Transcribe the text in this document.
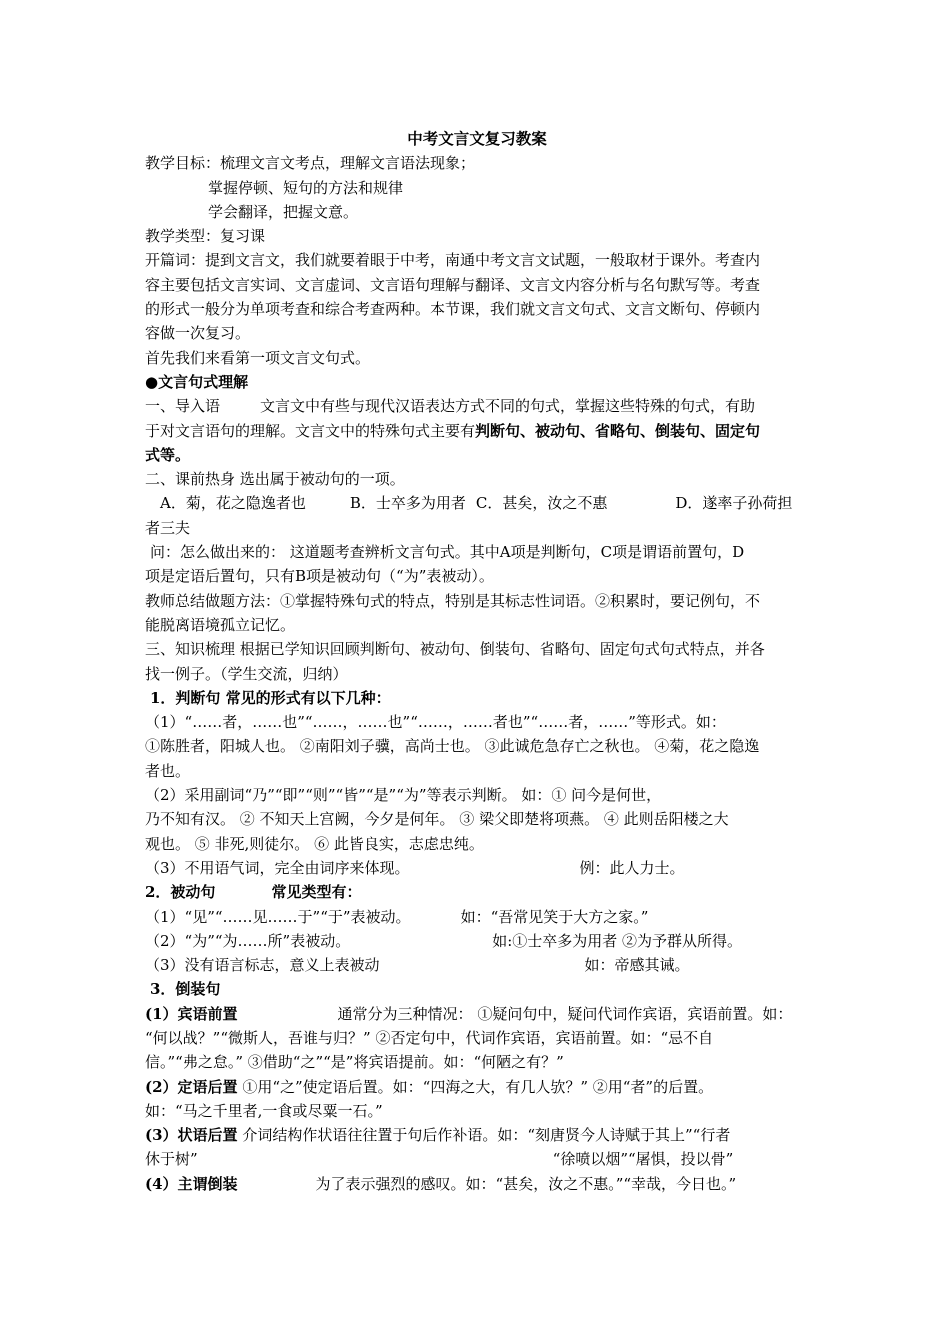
中考文言文复习教案
教学目标：梳理文言文考点，理解文言语法现象；
掌握停顿、短句的方法和规律
学会翻译，把握文意。
教学类型：复习课
开篇词：提到文言文，我们就要着眼于中考，南通中考文言文试题，一般取材于课外。考查内
容主要包括文言实词、文言虚词、文言语句理解与翻译、文言文内容分析与名句默写等。考查
的形式一般分为单项考查和综合考查两种。本节课，我们就文言文句式、文言文断句、停顿内
容做一次复习。
首先我们来看第一项文言文句式。
●文言句式理解
一、导入语	文言文中有些与现代汉语表达方式不同的句式，掌握这些特殊的句式，有助
于对文言语句的理解。文言文中的特殊句式主要有判断句、被动句、省略句、倒装句、固定句
式等。
二、课前热身 选出属于被动句的一项。
A．菊，花之隐逸者也	B．士卒多为用者 C．甚矣，汝之不惠	D．遂率子孙荷担
者三夫
问：怎么做出来的： 这道题考查辨析文言句式。其中A项是判断句，C项是谓语前置句，D
项是定语后置句，只有B项是被动句（“为”表被动）。
教师总结做题方法：①掌握特殊句式的特点，特别是其标志性词语。②积累时，要记例句，不
能脱离语境孤立记忆。
三、知识梳理 根据已学知识回顾判断句、被动句、倒装句、省略句、固定句式句式特点，并各
找一例子。（学生交流，归纳）
1．判断句 常见的形式有以下几种：
（1）“……者，……也”“……，……也”“……，……者也”“……者，……”等形式。如：
①陈胜者，阳城人也。 ②南阳刘子骥，高尚士也。 ③此诚危急存亡之秋也。 ④菊，花之隐逸
者也。
（2）采用副词“乃”“即”“则”“皆”“是”“为”等表示判断。 如：① 问今是何世，
乃不知有汉。 ② 不知天上宫阙，今夕是何年。 ③ 梁父即楚将项燕。 ④ 此则岳阳楼之大
观也。 ⑤ 非死,则徒尔。 ⑥ 此皆良实，志虑忠纯。
（3）不用语气词，完全由词序来体现。	例：此人力士。
2．被动句	常见类型有：
（1）“见”“……见……于”“于”表被动。	如：“吾常见笑于大方之家。”
（2）“为”“为……所”表被动。	如:①士卒多为用者 ②为予群从所得。
（3）没有语言标志，意义上表被动	如：帝感其诫。
3．倒装句
(1）宾语前置	通常分为三种情况： ①疑问句中，疑问代词作宾语，宾语前置。如：
“何以战？”“微斯人，吾谁与归？” ②否定句中，代词作宾语，宾语前置。如：“忌不自
信。”“弗之怠。” ③借助“之”“是”将宾语提前。如：“何陋之有？”
(2）定语后置 ①用“之”使定语后置。如：“四海之大，有几人欤？” ②用“者”的后置。
如：“马之千里者,一食或尽粟一石。”
(3）状语后置 介词结构作状语往往置于句后作补语。如：“刻唐贤今人诗赋于其上”“行者
休于树”	“徐喷以烟”“屠惧，投以骨”
(4）主谓倒装	为了表示强烈的感叹。如：“甚矣，汝之不惠。”“幸哉，今日也。”
